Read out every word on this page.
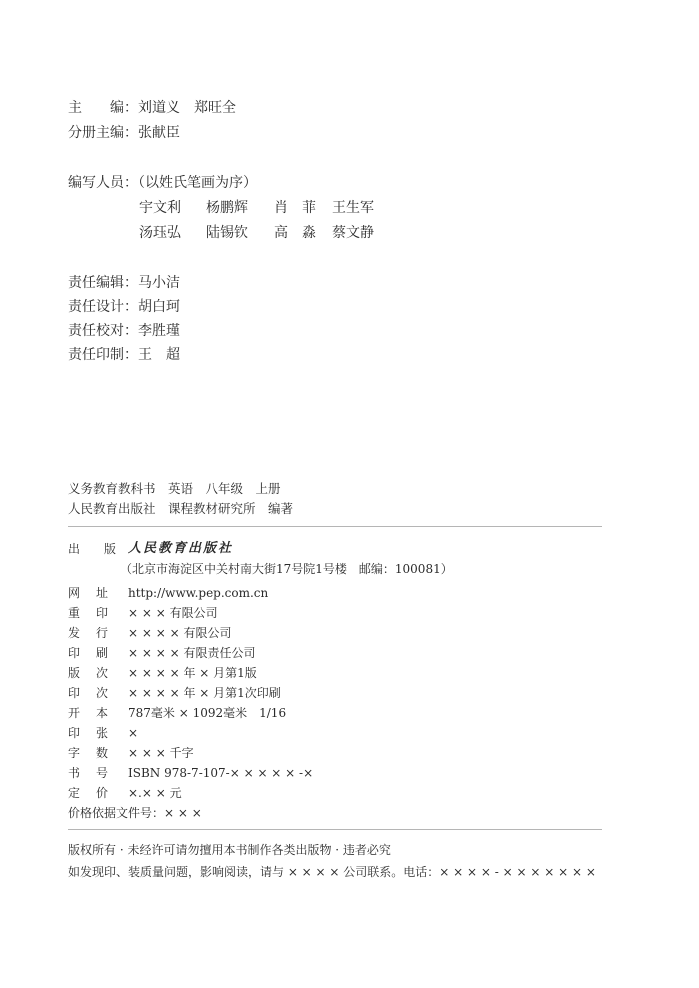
主 编：刘道义　郑旺全
分册主编：张献臣
编写人员：（以姓氏笔画为序）
宇文利 杨鹏辉 肖　菲 王生军
汤珏弘 陆锡钦 高　淼 蔡文静
责任编辑：马小洁
责任设计：胡白珂
责任校对：李胜瑾
责任印制：王　超
义务教育教科书　英语　八年级　上册
人民教育出版社　课程教材研究所　编著
出 版 人民教育出版社
（北京市海淀区中关村南大街17号院1号楼　邮编：100081）
网 址 http://www.pep.com.cn
重 印 × × × 有限公司
发 行 × × × × 有限公司
印 刷 × × × × 有限责任公司
版 次 × × × × 年 × 月第1版
印 次 × × × × 年 × 月第1次印刷
开 本 787毫米 × 1092毫米　1/16
印 张 ×
字 数 × × × 千字
书 号 ISBN 978-7-107-× × × × × -×
定 价 ×.× × 元
价格依据文件号：× × ×
版权所有 · 未经许可请勿擅用本书制作各类出版物 · 违者必究
如发现印、装质量问题，影响阅读，请与 × × × × 公司联系。电话：× × × × - × × × × × × ×
